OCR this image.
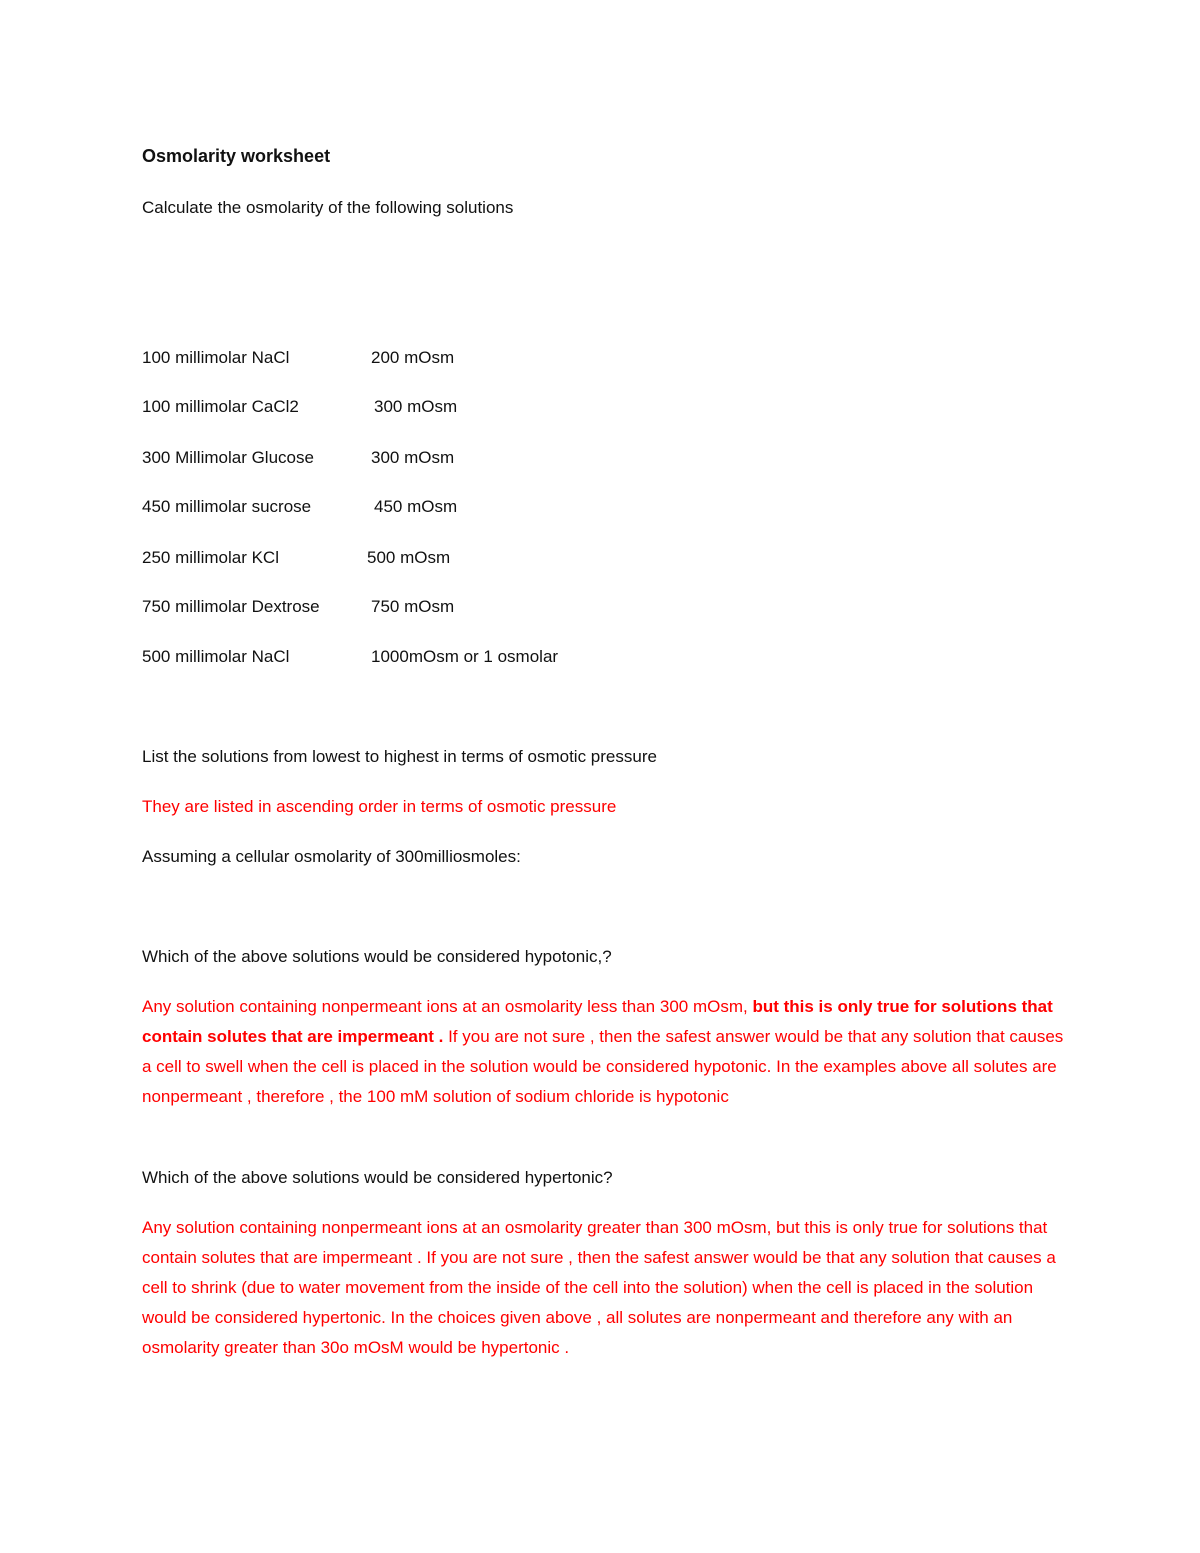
Osmolarity worksheet
Calculate the osmolarity of the following solutions
100 millimolar NaCl	200 mOsm
100 millimolar CaCl2	300 mOsm
300 Millimolar Glucose	300 mOsm
450 millimolar sucrose	450 mOsm
250 millimolar KCl	500 mOsm
750 millimolar Dextrose	750 mOsm
500 millimolar NaCl	1000mOsm or 1 osmolar
List the solutions from lowest to highest in terms of osmotic pressure
They are listed in ascending order in terms of osmotic pressure
Assuming a cellular osmolarity of 300milliosmoles:
Which of the above solutions would be considered hypotonic,?
Any solution containing nonpermeant ions at an osmolarity less than 300 mOsm, but this is only true for solutions that contain solutes that are impermeant . If you are not sure , then the safest answer would be that any solution that causes a cell to swell when the cell is placed in the solution would be considered hypotonic. In the examples above all solutes are nonpermeant , therefore , the 100 mM solution of sodium chloride is hypotonic
Which of the above solutions would be considered hypertonic?
Any solution containing nonpermeant ions at an osmolarity greater than 300 mOsm, but this is only true for solutions that contain solutes that are impermeant . If you are not sure , then the safest answer would be that any solution that causes a cell to shrink (due to water movement from the inside of the cell into the solution) when the cell is placed in the solution would be considered hypertonic. In the choices given above , all solutes are nonpermeant and therefore any with an osmolarity greater than 30o mOsM would be hypertonic .
